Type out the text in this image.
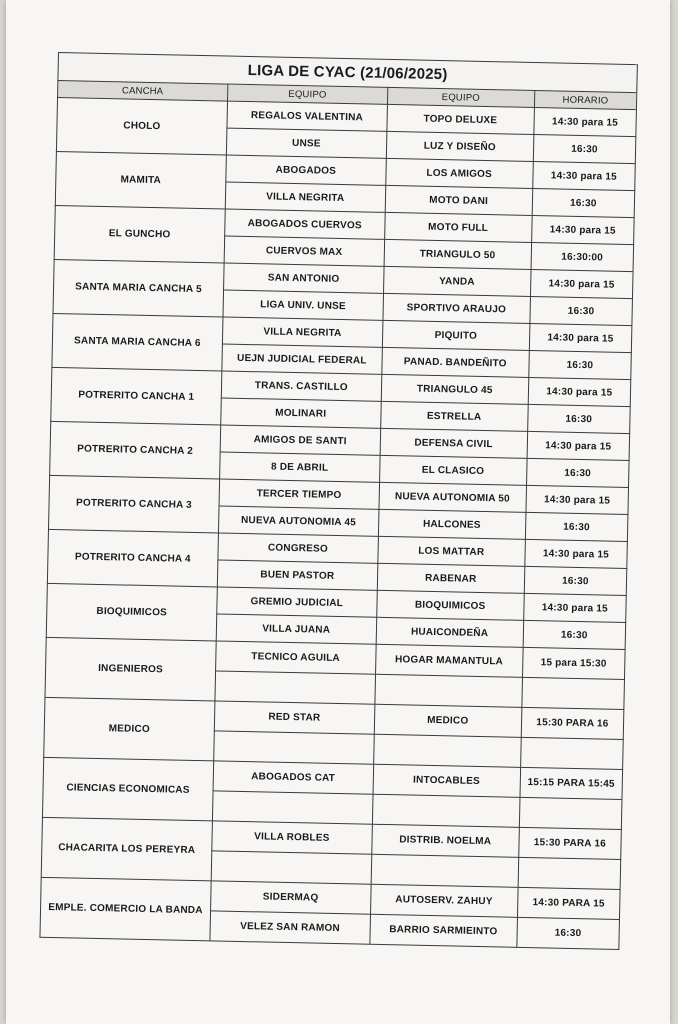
LIGA DE CYAC (21/06/2025)			
CANCHA	EQUIPO	EQUIPO	HORARIO
CHOLO	REGALOS VALENTINA	TOPO DELUXE	14:30 para 15
	UNSE	LUZ Y DISEÑO	16:30
MAMITA	ABOGADOS	LOS AMIGOS	14:30 para 15
	VILLA NEGRITA	MOTO DANI	16:30
EL GUNCHO	ABOGADOS CUERVOS	MOTO FULL	14:30 para 15
	CUERVOS MAX	TRIANGULO 50	16:30:00
SANTA MARIA CANCHA 5	SAN ANTONIO	YANDA	14:30 para 15
	LIGA UNIV. UNSE	SPORTIVO ARAUJO	16:30
SANTA MARIA CANCHA 6	VILLA NEGRITA	PIQUITO	14:30 para 15
	UEJN JUDICIAL FEDERAL	PANAD. BANDEÑITO	16:30
POTRERITO CANCHA 1	TRANS. CASTILLO	TRIANGULO 45	14:30 para 15
	MOLINARI	ESTRELLA	16:30
POTRERITO CANCHA 2	AMIGOS DE SANTI	DEFENSA CIVIL	14:30 para 15
	8 DE ABRIL	EL CLASICO	16:30
POTRERITO CANCHA 3	TERCER TIEMPO	NUEVA AUTONOMIA 50	14:30 para 15
	NUEVA AUTONOMIA 45	HALCONES	16:30
POTRERITO CANCHA 4	CONGRESO	LOS MATTAR	14:30 para 15
	BUEN PASTOR	RABENAR	16:30
BIOQUIMICOS	GREMIO JUDICIAL	BIOQUIMICOS	14:30 para 15
	VILLA JUANA	HUAICONDEÑA	16:30
INGENIEROS	TECNICO AGUILA	HOGAR MAMANTULA	15 para 15:30

MEDICO	RED STAR	MEDICO	15:30 PARA 16

CIENCIAS ECONOMICAS	ABOGADOS CAT	INTOCABLES	15:15 PARA 15:45

CHACARITA LOS PEREYRA	VILLA ROBLES	DISTRIB. NOELMA	15:30 PARA 16

EMPLE. COMERCIO LA BANDA	SIDERMAQ	AUTOSERV. ZAHUY	14:30 PARA 15
	VELEZ SAN RAMON	BARRIO SARMIEINTO	16:30
